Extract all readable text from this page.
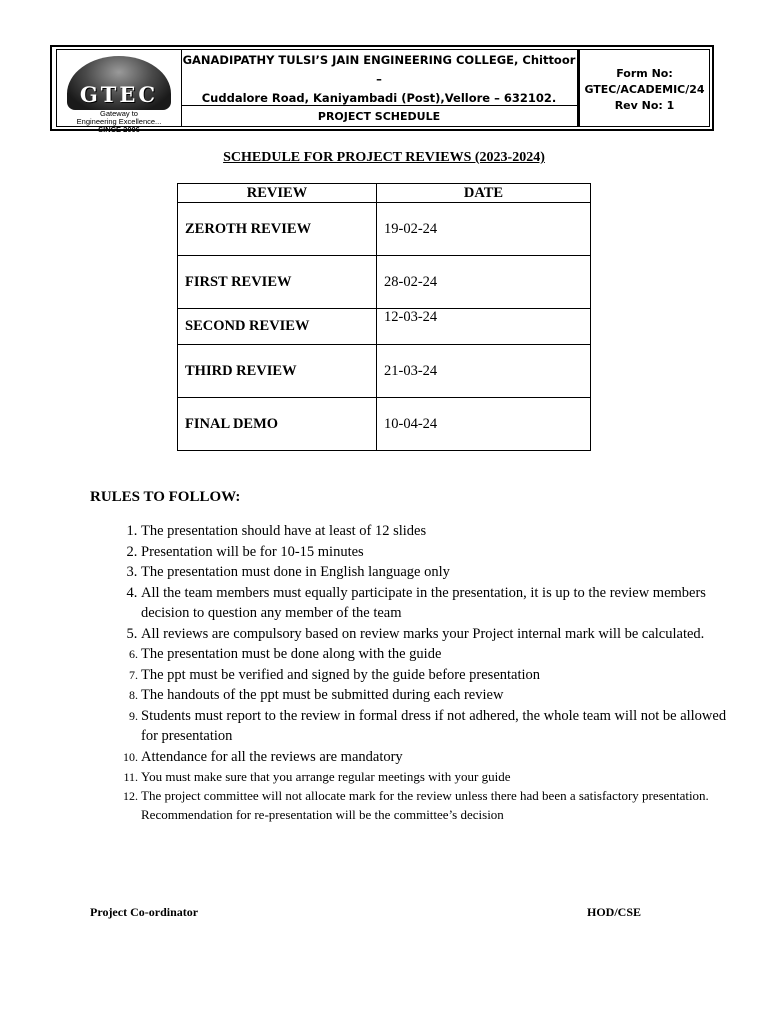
GTEC
Gateway to
Engineering Excellence...
SINCE 2006
GANADIPATHY TULSI’S JAIN ENGINEERING COLLEGE, Chittoor –
Cuddalore Road, Kaniyambadi (Post),Vellore – 632102.
PROJECT SCHEDULE
Form No:
GTEC/ACADEMIC/24
Rev No: 1
SCHEDULE FOR PROJECT REVIEWS (2023-2024)
REVIEW	DATE
ZEROTH REVIEW	19-02-24
FIRST REVIEW	28-02-24
SECOND REVIEW	12-03-24
THIRD REVIEW	21-03-24
FINAL DEMO	10-04-24
RULES TO FOLLOW:
1. The presentation should have at least of 12 slides
2. Presentation will be for 10-15 minutes
3. The presentation must done in English language only
4. All the team members must equally participate in the presentation, it is up to the review members decision to question any member of the team
5. All reviews are compulsory based on review marks your Project internal mark will be calculated.
6. The presentation must be done along with the guide
7. The ppt must be verified and signed by the guide before presentation
8. The handouts of the ppt must be submitted during each review
9. Students must report to the review in formal dress if not adhered, the whole team will not be allowed for presentation
10. Attendance for all the reviews are mandatory
11. You must make sure that you arrange regular meetings with your guide
12. The project committee will not allocate mark for the review unless there had been a satisfactory presentation. Recommendation for re-presentation will be the committee’s decision
Project Co-ordinator	HOD/CSE
